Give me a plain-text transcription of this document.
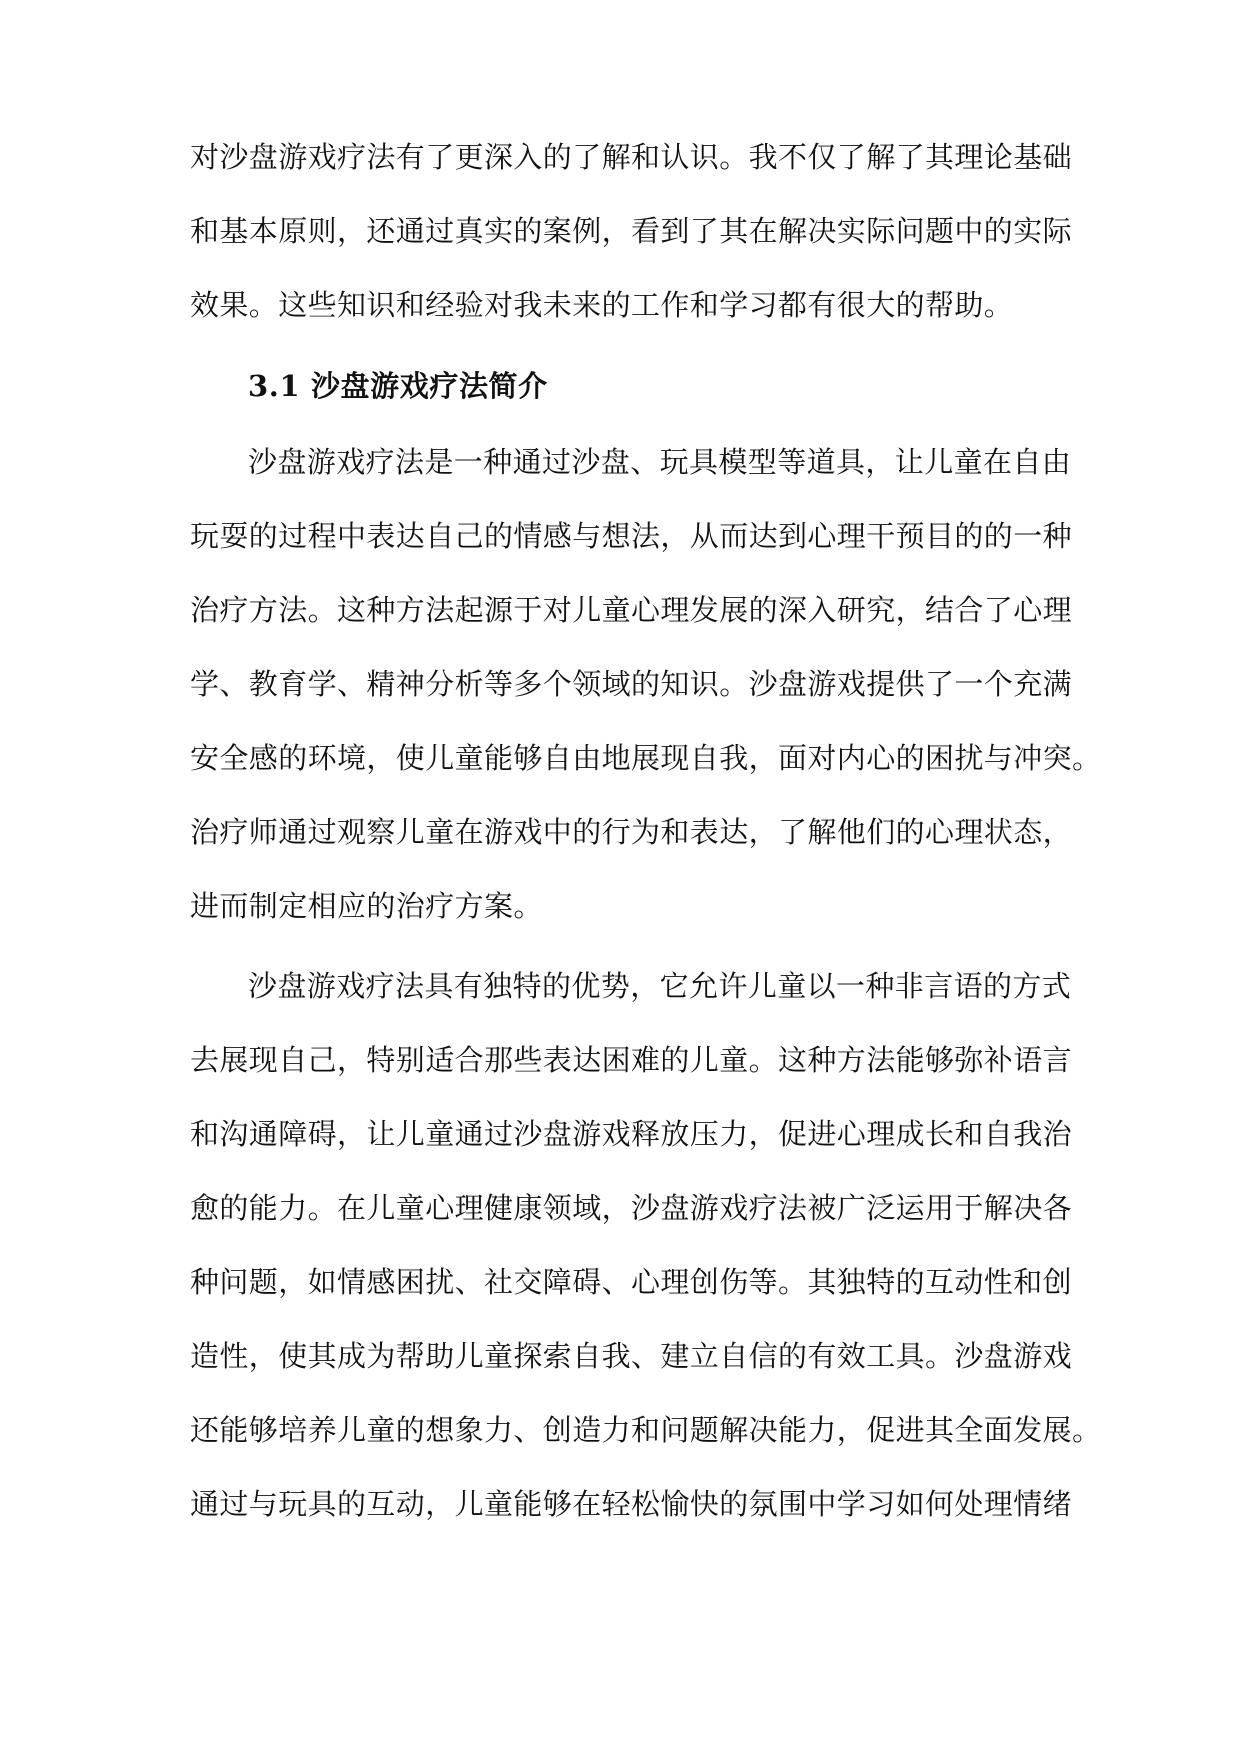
对沙盘游戏疗法有了更深入的了解和认识。我不仅了解了其理论基础
和基本原则，还通过真实的案例，看到了其在解决实际问题中的实际
效果。这些知识和经验对我未来的工作和学习都有很大的帮助。
3.1 沙盘游戏疗法简介
沙盘游戏疗法是一种通过沙盘、玩具模型等道具，让儿童在自由
玩耍的过程中表达自己的情感与想法，从而达到心理干预目的的一种
治疗方法。这种方法起源于对儿童心理发展的深入研究，结合了心理
学、教育学、精神分析等多个领域的知识。沙盘游戏提供了一个充满
安全感的环境，使儿童能够自由地展现自我，面对内心的困扰与冲突。
治疗师通过观察儿童在游戏中的行为和表达，了解他们的心理状态，
进而制定相应的治疗方案。
沙盘游戏疗法具有独特的优势，它允许儿童以一种非言语的方式
去展现自己，特别适合那些表达困难的儿童。这种方法能够弥补语言
和沟通障碍，让儿童通过沙盘游戏释放压力，促进心理成长和自我治
愈的能力。在儿童心理健康领域，沙盘游戏疗法被广泛运用于解决各
种问题，如情感困扰、社交障碍、心理创伤等。其独特的互动性和创
造性，使其成为帮助儿童探索自我、建立自信的有效工具。沙盘游戏
还能够培养儿童的想象力、创造力和问题解决能力，促进其全面发展。
通过与玩具的互动，儿童能够在轻松愉快的氛围中学习如何处理情绪
